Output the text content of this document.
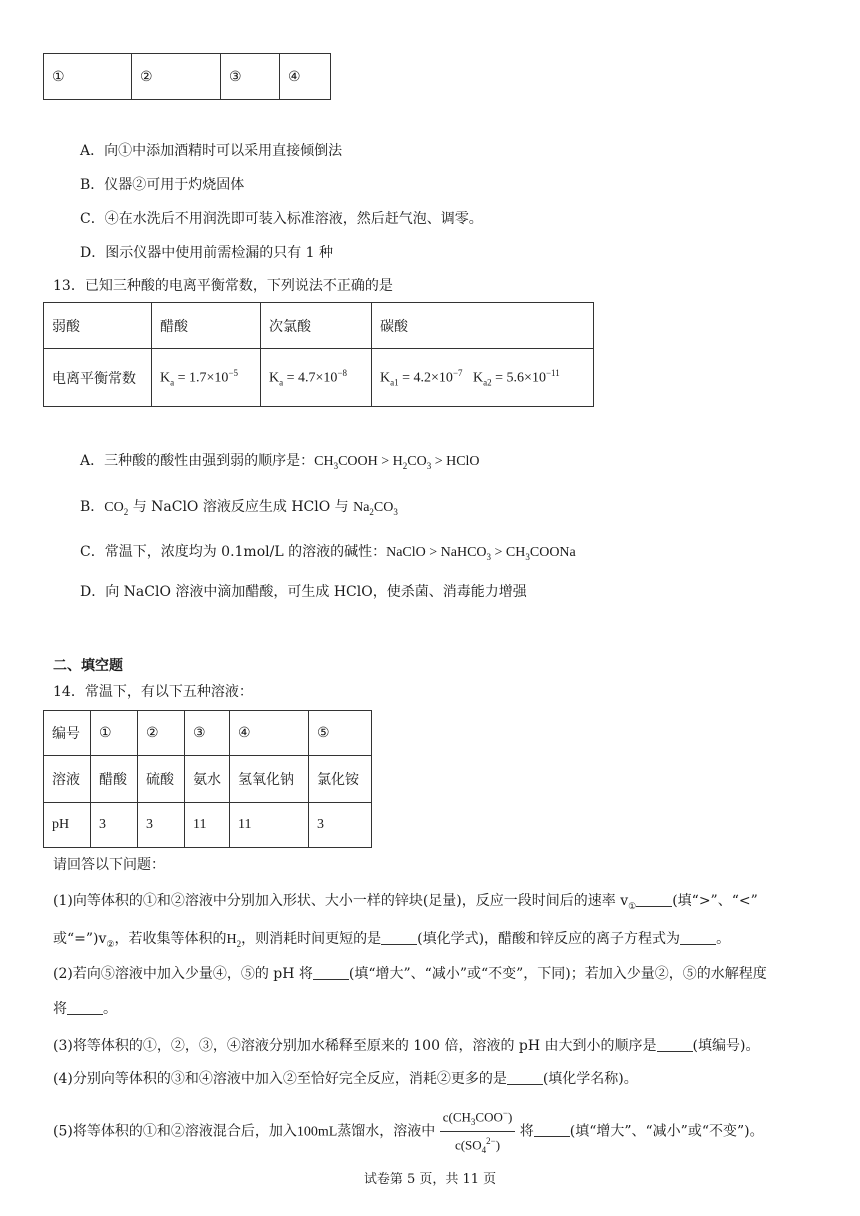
①	②	③	④
A．向①中添加酒精时可以采用直接倾倒法
B．仪器②可用于灼烧固体
C．④在水洗后不用润洗即可装入标准溶液，然后赶气泡、调零。
D．图示仪器中使用前需检漏的只有 1 种
13．已知三种酸的电离平衡常数，下列说法不正确的是
弱酸	醋酸	次氯酸	碳酸
电离平衡常数	$K_a = 1.7\times 10^{-5}$	$K_a = 4.7\times 10^{-8}$	$K_{a1} = 4.2\times 10^{-7}$   $K_{a2} = 5.6\times 10^{-11}$
A．三种酸的酸性由强到弱的顺序是：$CH_3COOH > H_2CO_3$ > HClO
B．$CO_2$ 与 NaClO 溶液反应生成 HClO 与 $Na_2CO_3$
C．常温下，浓度均为 0.1mol/L 的溶液的碱性：NaClO > NaHCO$_3$ > $CH_3COONa$
D．向 NaClO 溶液中滴加醋酸，可生成 HClO，使杀菌、消毒能力增强
二、填空题
14．常温下，有以下五种溶液：
编号	①	②	③	④	⑤
溶液	醋酸	硫酸	氨水	氢氧化钠	氯化铵
pH	3	3	11	11	3
请回答以下问题：
(1)向等体积的①和②溶液中分别加入形状、大小一样的锌块(足量)，反应一段时间后的速率 $v_①$	(填“>”、“<”
或“$=”)v_②$，若收集等体积的$H_2$，则消耗时间更短的是	(填化学式)，醋酸和锌反应的离子方程式为	。
(2)若向⑤溶液中加入少量④，⑤的 pH 将	(填“增大”、“减小”或“不变”，下同)；若加入少量②，⑤的水解程度
将	。
(3)将等体积的①，②，③，④溶液分别加水稀释至原来的 100 倍，溶液的 pH 由大到小的顺序是	(填编号)。
(4)分别向等体积的③和④溶液中加入②至恰好完全反应，消耗②更多的是	(填化学名称)。
(5)将等体积的①和②溶液混合后，加入100mL蒸馏水，溶液中 $\frac{c(CH_3COO^-)}{c(SO_4^{2-})}$ 将	(填“增大”、“减小”或“不变”)。
试卷第 5 页，共 11 页
